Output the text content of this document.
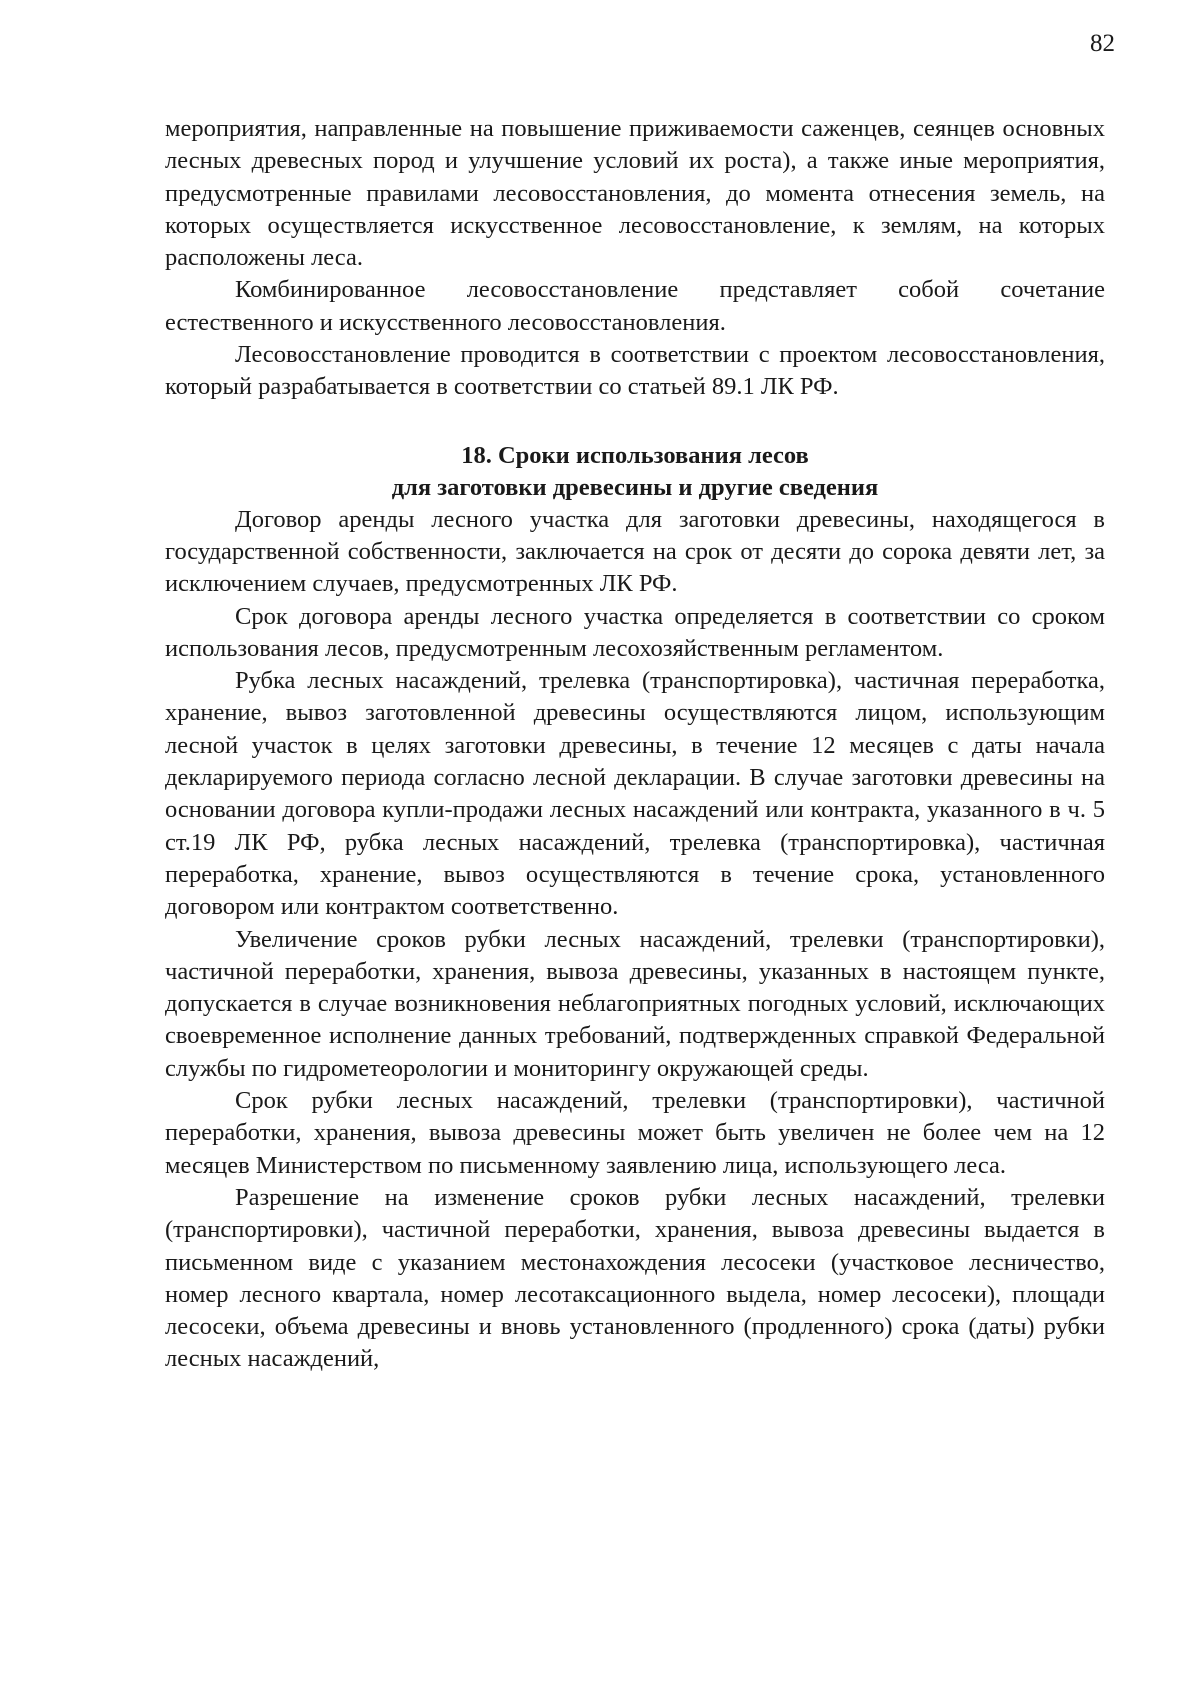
82

мероприятия, направленные на повышение приживаемости саженцев, сеянцев основных лесных древесных пород и улучшение условий их роста), а также иные мероприятия, предусмотренные правилами лесовосстановления, до момента отнесения земель, на которых осуществляется искусственное лесовосстановление, к землям, на которых расположены леса.

Комбинированное лесовосстановление представляет собой сочетание естественного и искусственного лесовосстановления.

Лесовосстановление проводится в соответствии с проектом лесовосстановления, который разрабатывается в соответствии со статьей 89.1 ЛК РФ.

18. Сроки использования лесов
для заготовки древесины и другие сведения

Договор аренды лесного участка для заготовки древесины, находящегося в государственной собственности, заключается на срок от десяти до сорока девяти лет, за исключением случаев, предусмотренных ЛК РФ.

Срок договора аренды лесного участка определяется в соответствии со сроком использования лесов, предусмотренным лесохозяйственным регламентом.

Рубка лесных насаждений, трелевка (транспортировка), частичная переработка, хранение, вывоз заготовленной древесины осуществляются лицом, использующим лесной участок в целях заготовки древесины, в течение 12 месяцев с даты начала декларируемого периода согласно лесной декларации. В случае заготовки древесины на основании договора купли-продажи лесных насаждений или контракта, указанного в ч. 5 ст.19 ЛК РФ, рубка лесных насаждений, трелевка (транспортировка), частичная переработка, хранение, вывоз осуществляются в течение срока, установленного договором или контрактом соответственно.

Увеличение сроков рубки лесных насаждений, трелевки (транспортировки), частичной переработки, хранения, вывоза древесины, указанных в настоящем пункте, допускается в случае возникновения неблагоприятных погодных условий, исключающих своевременное исполнение данных требований, подтвержденных справкой Федеральной службы по гидрометеорологии и мониторингу окружающей среды.

Срок рубки лесных насаждений, трелевки (транспортировки), частичной переработки, хранения, вывоза древесины может быть увеличен не более чем на 12 месяцев Министерством по письменному заявлению лица, использующего леса.

Разрешение на изменение сроков рубки лесных насаждений, трелевки (транспортировки), частичной переработки, хранения, вывоза древесины выдается в письменном виде с указанием местонахождения лесосеки (участковое лесничество, номер лесного квартала, номер лесотаксационного выдела, номер лесосеки), площади лесосеки, объема древесины и вновь установленного (продленного) срока (даты) рубки лесных насаждений,
